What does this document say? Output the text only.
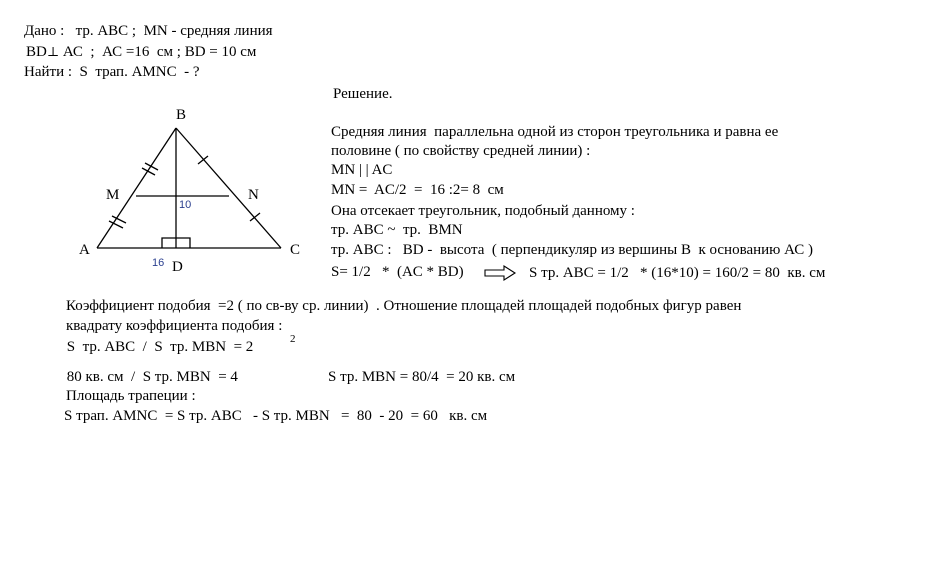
Дано :   тр. АВС ;  MN - средняя линия
BD⊥ АС  ;  АС =16  см ; BD = 10 см
Найти :  S  трап. AMNC  - ?
B
M	N
A	C
D
10
16
Решение.
Средняя линия  параллельна одной из сторон треугольника и равна ее
половине ( по свойству средней линии) :
MN | | AC
MN =  AC/2  =  16 :2= 8  см
Она отсекает треугольник, подобный данному :
тр. АВС ~  тр.  BMN
тр. АВС :   BD -  высота  ( перпендикуляр из вершины В  к основанию АС )
S= 1/2   *  (AC * BD)	S тр. АВС = 1/2   * (16*10) = 160/2 = 80  кв. см
Коэффициент подобия  =2 ( по св-ву ср. линии)  . Отношение площадей площадей подобных фигур равен
квадрату коэффициента подобия :
S  тр. АВС  /  S  тр. MBN  = 2	2
80 кв. см  /  S тр. MBN  = 4	S тр. MBN = 80/4  = 20 кв. см
Площадь трапеции :
S трап. AMNC  = S тр. АВС   - S тр. MBN   =  80  - 20  = 60   кв. см
